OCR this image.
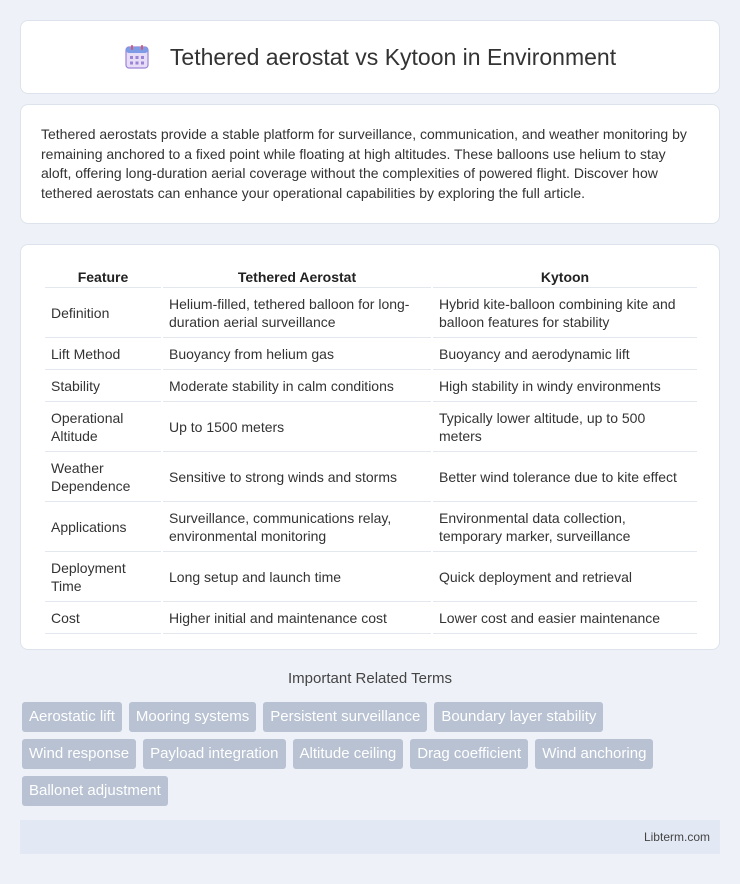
Tethered aerostat vs Kytoon in Environment

Tethered aerostats provide a stable platform for surveillance, communication, and weather monitoring by remaining anchored to a fixed point while floating at high altitudes. These balloons use helium to stay aloft, offering long-duration aerial coverage without the complexities of powered flight. Discover how tethered aerostats can enhance your operational capabilities by exploring the full article.

Feature	Tethered Aerostat	Kytoon
Definition	Helium-filled, tethered balloon for long-duration aerial surveillance	Hybrid kite-balloon combining kite and balloon features for stability
Lift Method	Buoyancy from helium gas	Buoyancy and aerodynamic lift
Stability	Moderate stability in calm conditions	High stability in windy environments
Operational Altitude	Up to 1500 meters	Typically lower altitude, up to 500 meters
Weather Dependence	Sensitive to strong winds and storms	Better wind tolerance due to kite effect
Applications	Surveillance, communications relay, environmental monitoring	Environmental data collection, temporary marker, surveillance
Deployment Time	Long setup and launch time	Quick deployment and retrieval
Cost	Higher initial and maintenance cost	Lower cost and easier maintenance
Important Related Terms
Aerostatic lift	Mooring systems	Persistent surveillance	Boundary layer stability
Wind response	Payload integration	Altitude ceiling	Drag coefficient	Wind anchoring
Ballonet adjustment
Libterm.com
